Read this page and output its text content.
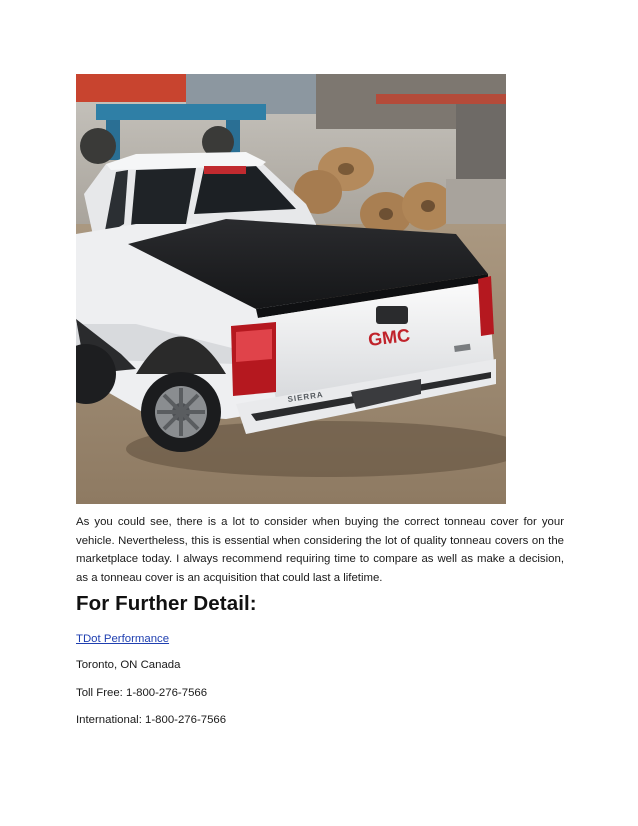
GMC
SIERRA

As you could see, there is a lot to consider when buying the correct tonneau cover for your vehicle. Nevertheless, this is essential when considering the lot of quality tonneau covers on the marketplace today. I always recommend requiring time to compare as well as make a decision, as a tonneau cover is an acquisition that could last a lifetime.

For Further Detail:

TDot Performance

Toronto, ON Canada

Toll Free: 1-800-276-7566

International: 1-800-276-7566
